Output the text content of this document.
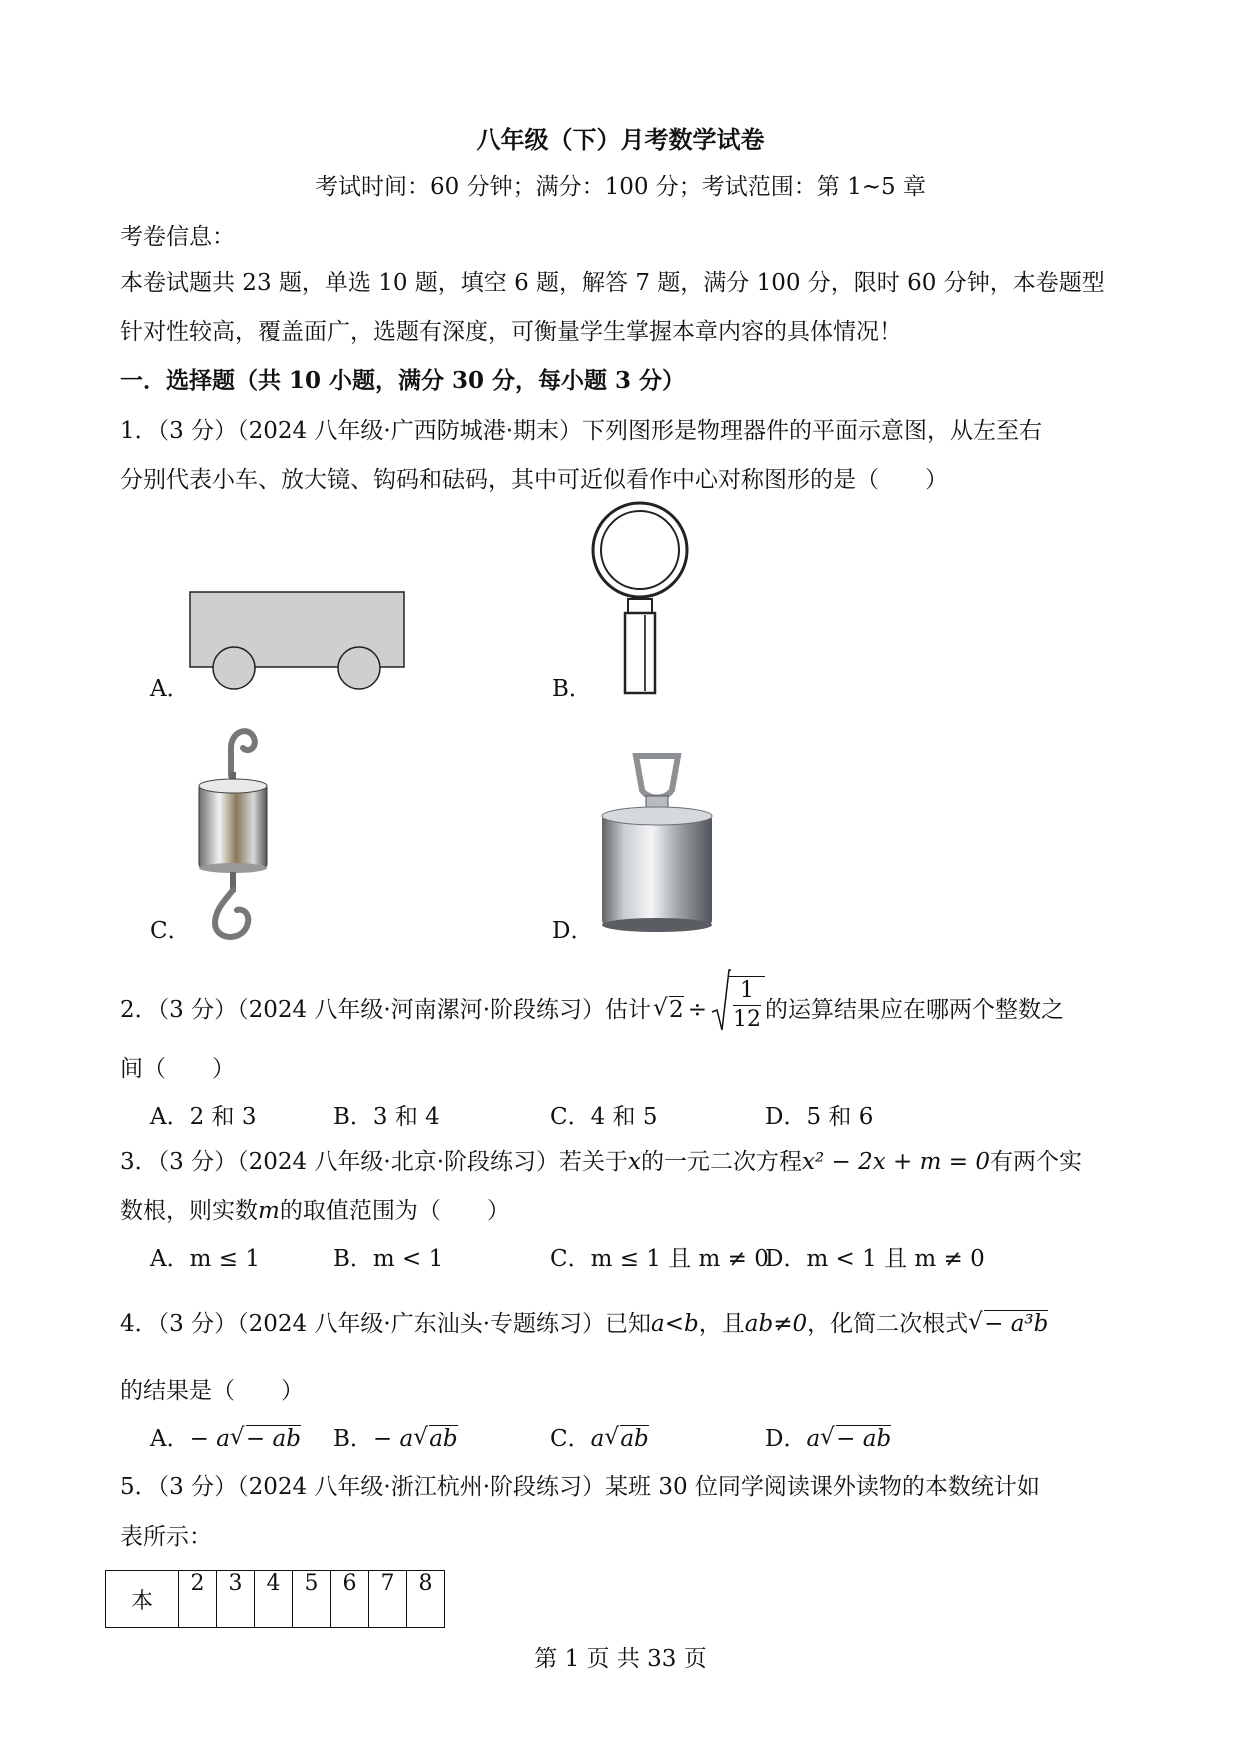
八年级（下）月考数学试卷
考试时间：60 分钟；满分：100 分；考试范围：第 1~5 章
考卷信息：
本卷试题共 23 题，单选 10 题，填空 6 题，解答 7 题，满分 100 分，限时 60 分钟，本卷题型
针对性较高，覆盖面广，选题有深度，可衡量学生掌握本章内容的具体情况！
一．选择题（共 10 小题，满分 30 分，每小题 3 分）
1．（3 分）（2024 八年级·广西防城港·期末）下列图形是物理器件的平面示意图，从左至右
分别代表小车、放大镜、钩码和砝码，其中可近似看作中心对称图形的是（　　）
A．	B．
C．	D．
2．（3 分）（2024 八年级·河南漯河·阶段练习）估计 √ $2 \div \frac{1}{12}$ 的运算结果应在哪两个整数之
间（　　）
A．2 和 3	B．3 和 4	C．4 和 5	D．5 和 6
3．（3 分）（2024 八年级·北京·阶段练习）若关于x的一元二次方程x² − 2x + m = 0有两个实
数根，则实数m的取值范围为（　　）
A．m ≤ 1	B．m < 1	C．m ≤ 1 且 m ≠ 0
D．m < 1 且 m ≠ 0
4．（3 分）（2024 八年级·广东汕头·专题练习）已知a<b，且ab≠0，化简二次根式 √ − a³b
的结果是（　　）
A．− a √ − ab B．− a √ ab	C．a √ ab	D．a √ − ab
5．（3 分）（2024 八年级·浙江杭州·阶段练习）某班 30 位同学阅读课外读物的本数统计如
表所示：
本	2	3	4	5	6	7	8
第 1 页 共 33 页
